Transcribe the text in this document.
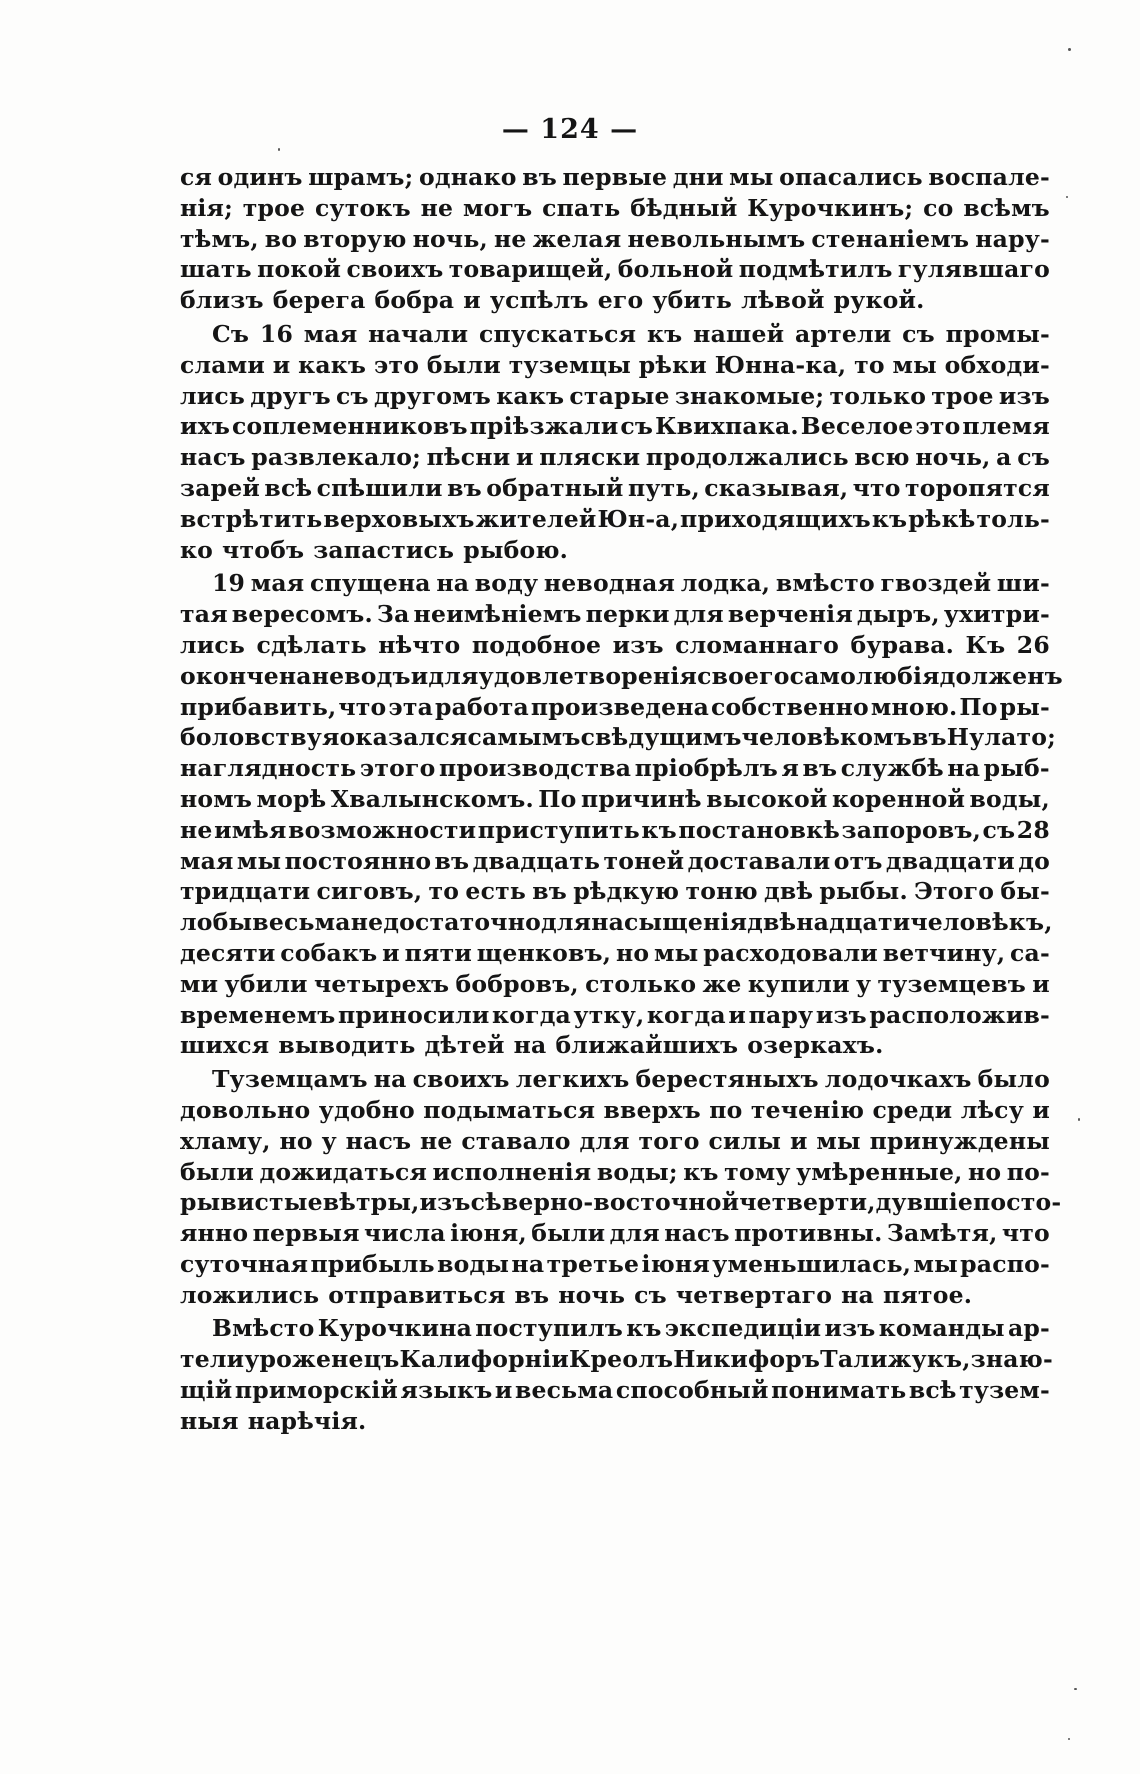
— 124 —
ся одинъ шрамъ; однако въ первые дни мы опасались воспале-
нія; трое сутокъ не могъ спать бѣдный Курочкинъ; со всѣмъ
тѣмъ, во вторую ночь, не желая невольнымъ стенаніемъ нару-
шать покой своихъ товарищей, больной подмѣтилъ гулявшаго
близъ берега бобра и успѣлъ его убить лѣвой рукой.
Съ 16 мая начали спускаться къ нашей артели съ промы-
слами и какъ это были туземцы рѣки Юнна-ка, то мы обходи-
лись другъ съ другомъ какъ старые знакомые; только трое изъ
ихъ соплеменниковъ пріѣзжали съ Квихпака. Веселое это племя
насъ развлекало; пѣсни и пляски продолжались всю ночь, а съ
зарей всѣ спѣшили въ обратный путь, сказывая, что торопятся
встрѣтить верховыхъ жителей Юн-а, приходящихъ къ рѣкѣ толь-
ко чтобъ запастись рыбою.
19 мая спущена на воду неводная лодка, вмѣсто гвоздей ши-
тая вересомъ. За неимѣніемъ перки для верченія дыръ, ухитри-
лись сдѣлать нѣчто подобное изъ сломаннаго бурава. Къ 26
окончена неводъ и для удовлетворенія своего самолюбія долженъ
прибавить, что эта работа произведена собственно мною. По ры-
боловству я оказался самымъ свѣдущимъ человѣкомъ въ Нулато;
наглядность этого производства пріобрѣлъ я въ службѣ на рыб-
номъ морѣ Хвалынскомъ. По причинѣ высокой коренной воды,
не имѣя возможности приступить къ постановкѣ запоровъ, съ 28
мая мы постоянно въ двадцать тоней доставали отъ двадцати до
тридцати сиговъ, то есть въ рѣдкую тоню двѣ рыбы. Этого бы-
ло бы весьма недостаточно для насыщенія двѣнадцати человѣкъ,
десяти собакъ и пяти щенковъ, но мы расходовали ветчину, са-
ми убили четырехъ бобровъ, столько же купили у туземцевъ и
временемъ приносили когда утку, когда и пару изъ расположив-
шихся выводить дѣтей на ближайшихъ озеркахъ.
Туземцамъ на своихъ легкихъ берестяныхъ лодочкахъ было
довольно удобно подыматься вверхъ по теченію среди лѣсу и
хламу, но у насъ не ставало для того силы и мы принуждены
были дожидаться исполненія воды; къ тому умѣренные, но по-
рывистые вѣтры, изъ сѣверно-восточной четверти, дувшіе посто-
янно первыя числа іюня, были для насъ противны. Замѣтя, что
суточная прибыль воды на третье іюня уменьшилась, мы распо-
ложились отправиться въ ночь съ четвертаго на пятое.
Вмѣсто Курочкина поступилъ къ экспедиціи изъ команды ар-
тели уроженецъ Калифорніи Креолъ Никифоръ Талижукъ, знаю-
щій приморскій языкъ и весьма способный понимать всѣ тузем-
ныя нарѣчія.
